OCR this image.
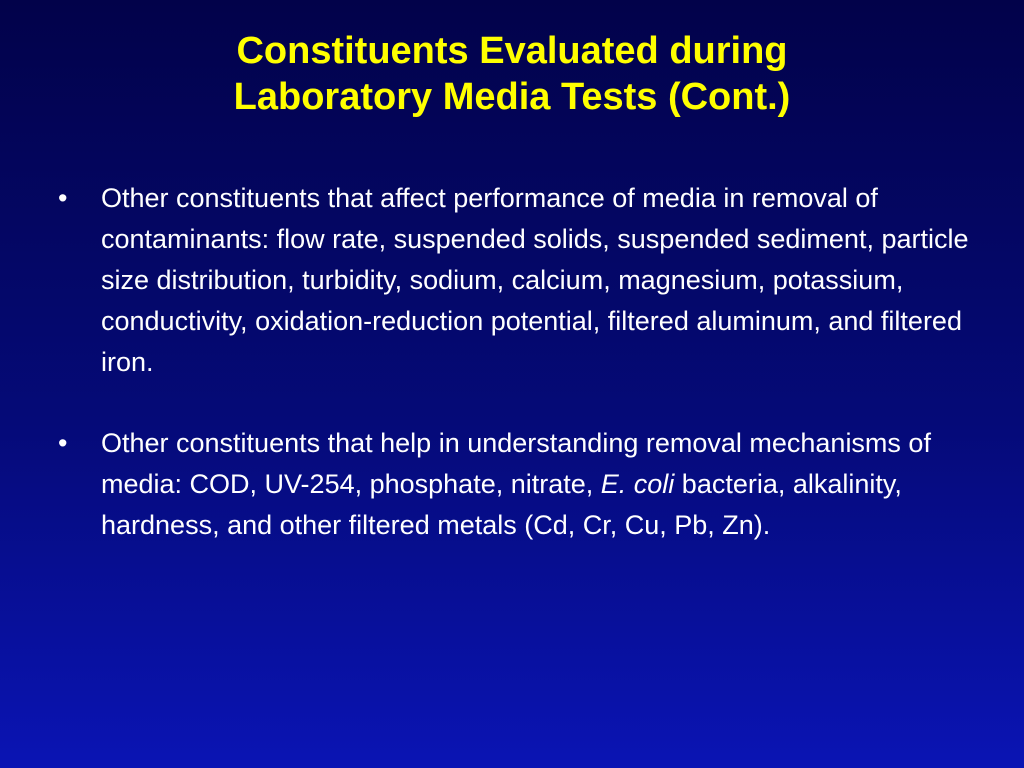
Constituents Evaluated during
Laboratory Media Tests (Cont.)
• Other constituents that affect performance of media in removal of contaminants: flow rate, suspended solids, suspended sediment, particle size distribution, turbidity, sodium, calcium, magnesium, potassium, conductivity, oxidation-reduction potential, filtered aluminum, and filtered iron.
• Other constituents that help in understanding removal mechanisms of media: COD, UV-254, phosphate, nitrate, E. coli bacteria, alkalinity, hardness, and other filtered metals (Cd, Cr, Cu, Pb, Zn).
